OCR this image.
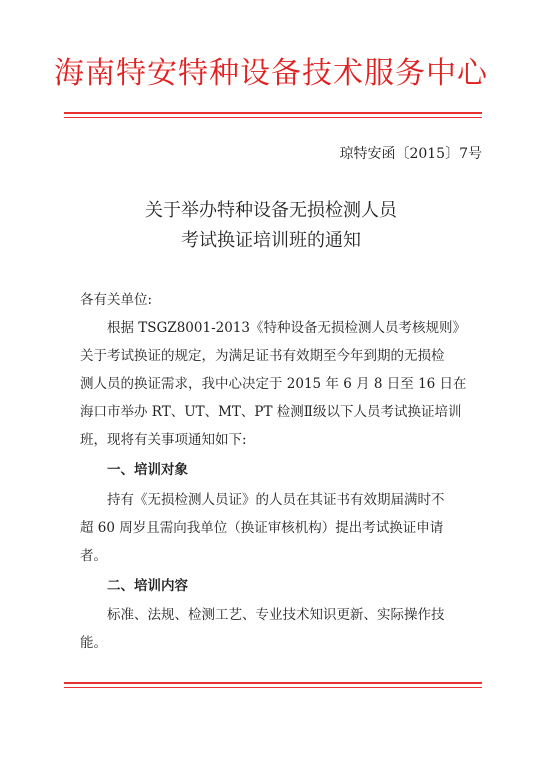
海南特安特种设备技术服务中心
琼特安函〔2015〕7号
关于举办特种设备无损检测人员
考试换证培训班的通知
各有关单位:
根据 TSGZ8001-2013《特种设备无损检测人员考核规则》
关于考试换证的规定，为满足证书有效期至今年到期的无损检
测人员的换证需求，我中心决定于 2015 年 6 月 8 日至 16 日在
海口市举办 RT、UT、MT、PT 检测Ⅱ级以下人员考试换证培训
班，现将有关事项通知如下:
一、培训对象
持有《无损检测人员证》的人员在其证书有效期届满时不
超 60 周岁且需向我单位（换证审核机构）提出考试换证申请
者。
二、培训内容
标准、法规、检测工艺、专业技术知识更新、实际操作技
能。
